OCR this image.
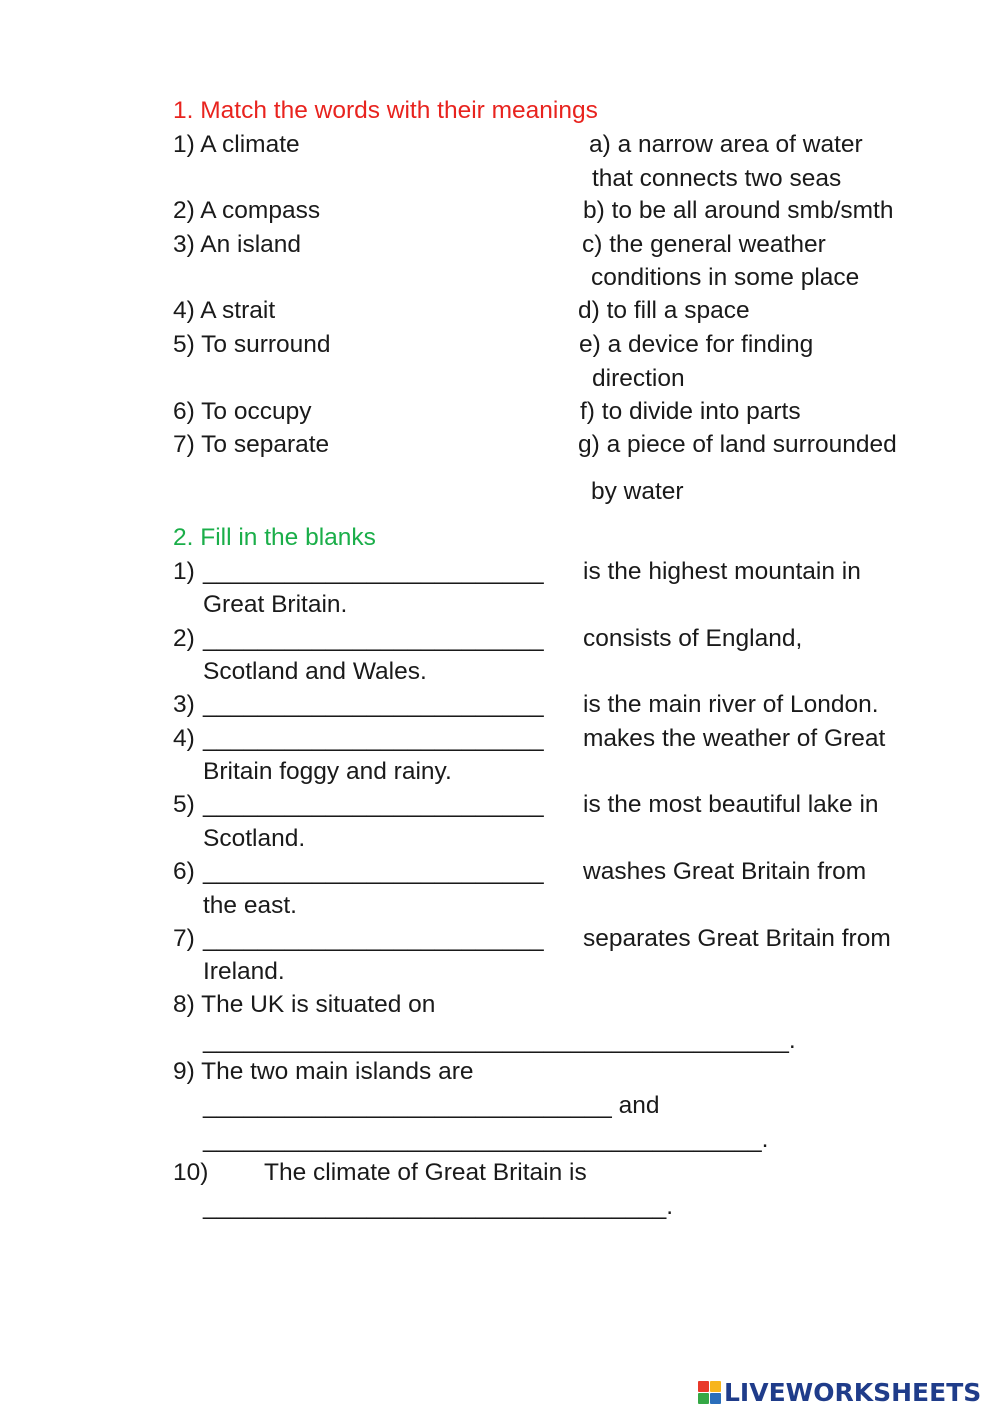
1. Match the words with their meanings
1) A climate	a) a narrow area of water
that connects two seas
2) A compass	b) to be all around smb/smth
3) An island	c) the general weather
conditions in some place
4) A strait	d) to fill a space
5) To surround	e) a device for finding
direction
6) To occupy	f) to divide into parts
7) To separate	g) a piece of land surrounded
by water
2. Fill in the blanks
1) _________________________ is the highest mountain in
Great Britain.
2) _________________________ consists of England,
Scotland and Wales.
3) _________________________ is the main river of London.
4) _________________________ makes the weather of Great
Britain foggy and rainy.
5) _________________________ is the most beautiful lake in
Scotland.
6) _________________________ washes Great Britain from
the east.
7) _________________________ separates Great Britain from
Ireland.
8) The UK is situated on
___________________________________________.
9) The two main islands are
______________________________ and
_________________________________________.
10) The climate of Great Britain is
__________________________________.
LIVEWORKSHEETS
